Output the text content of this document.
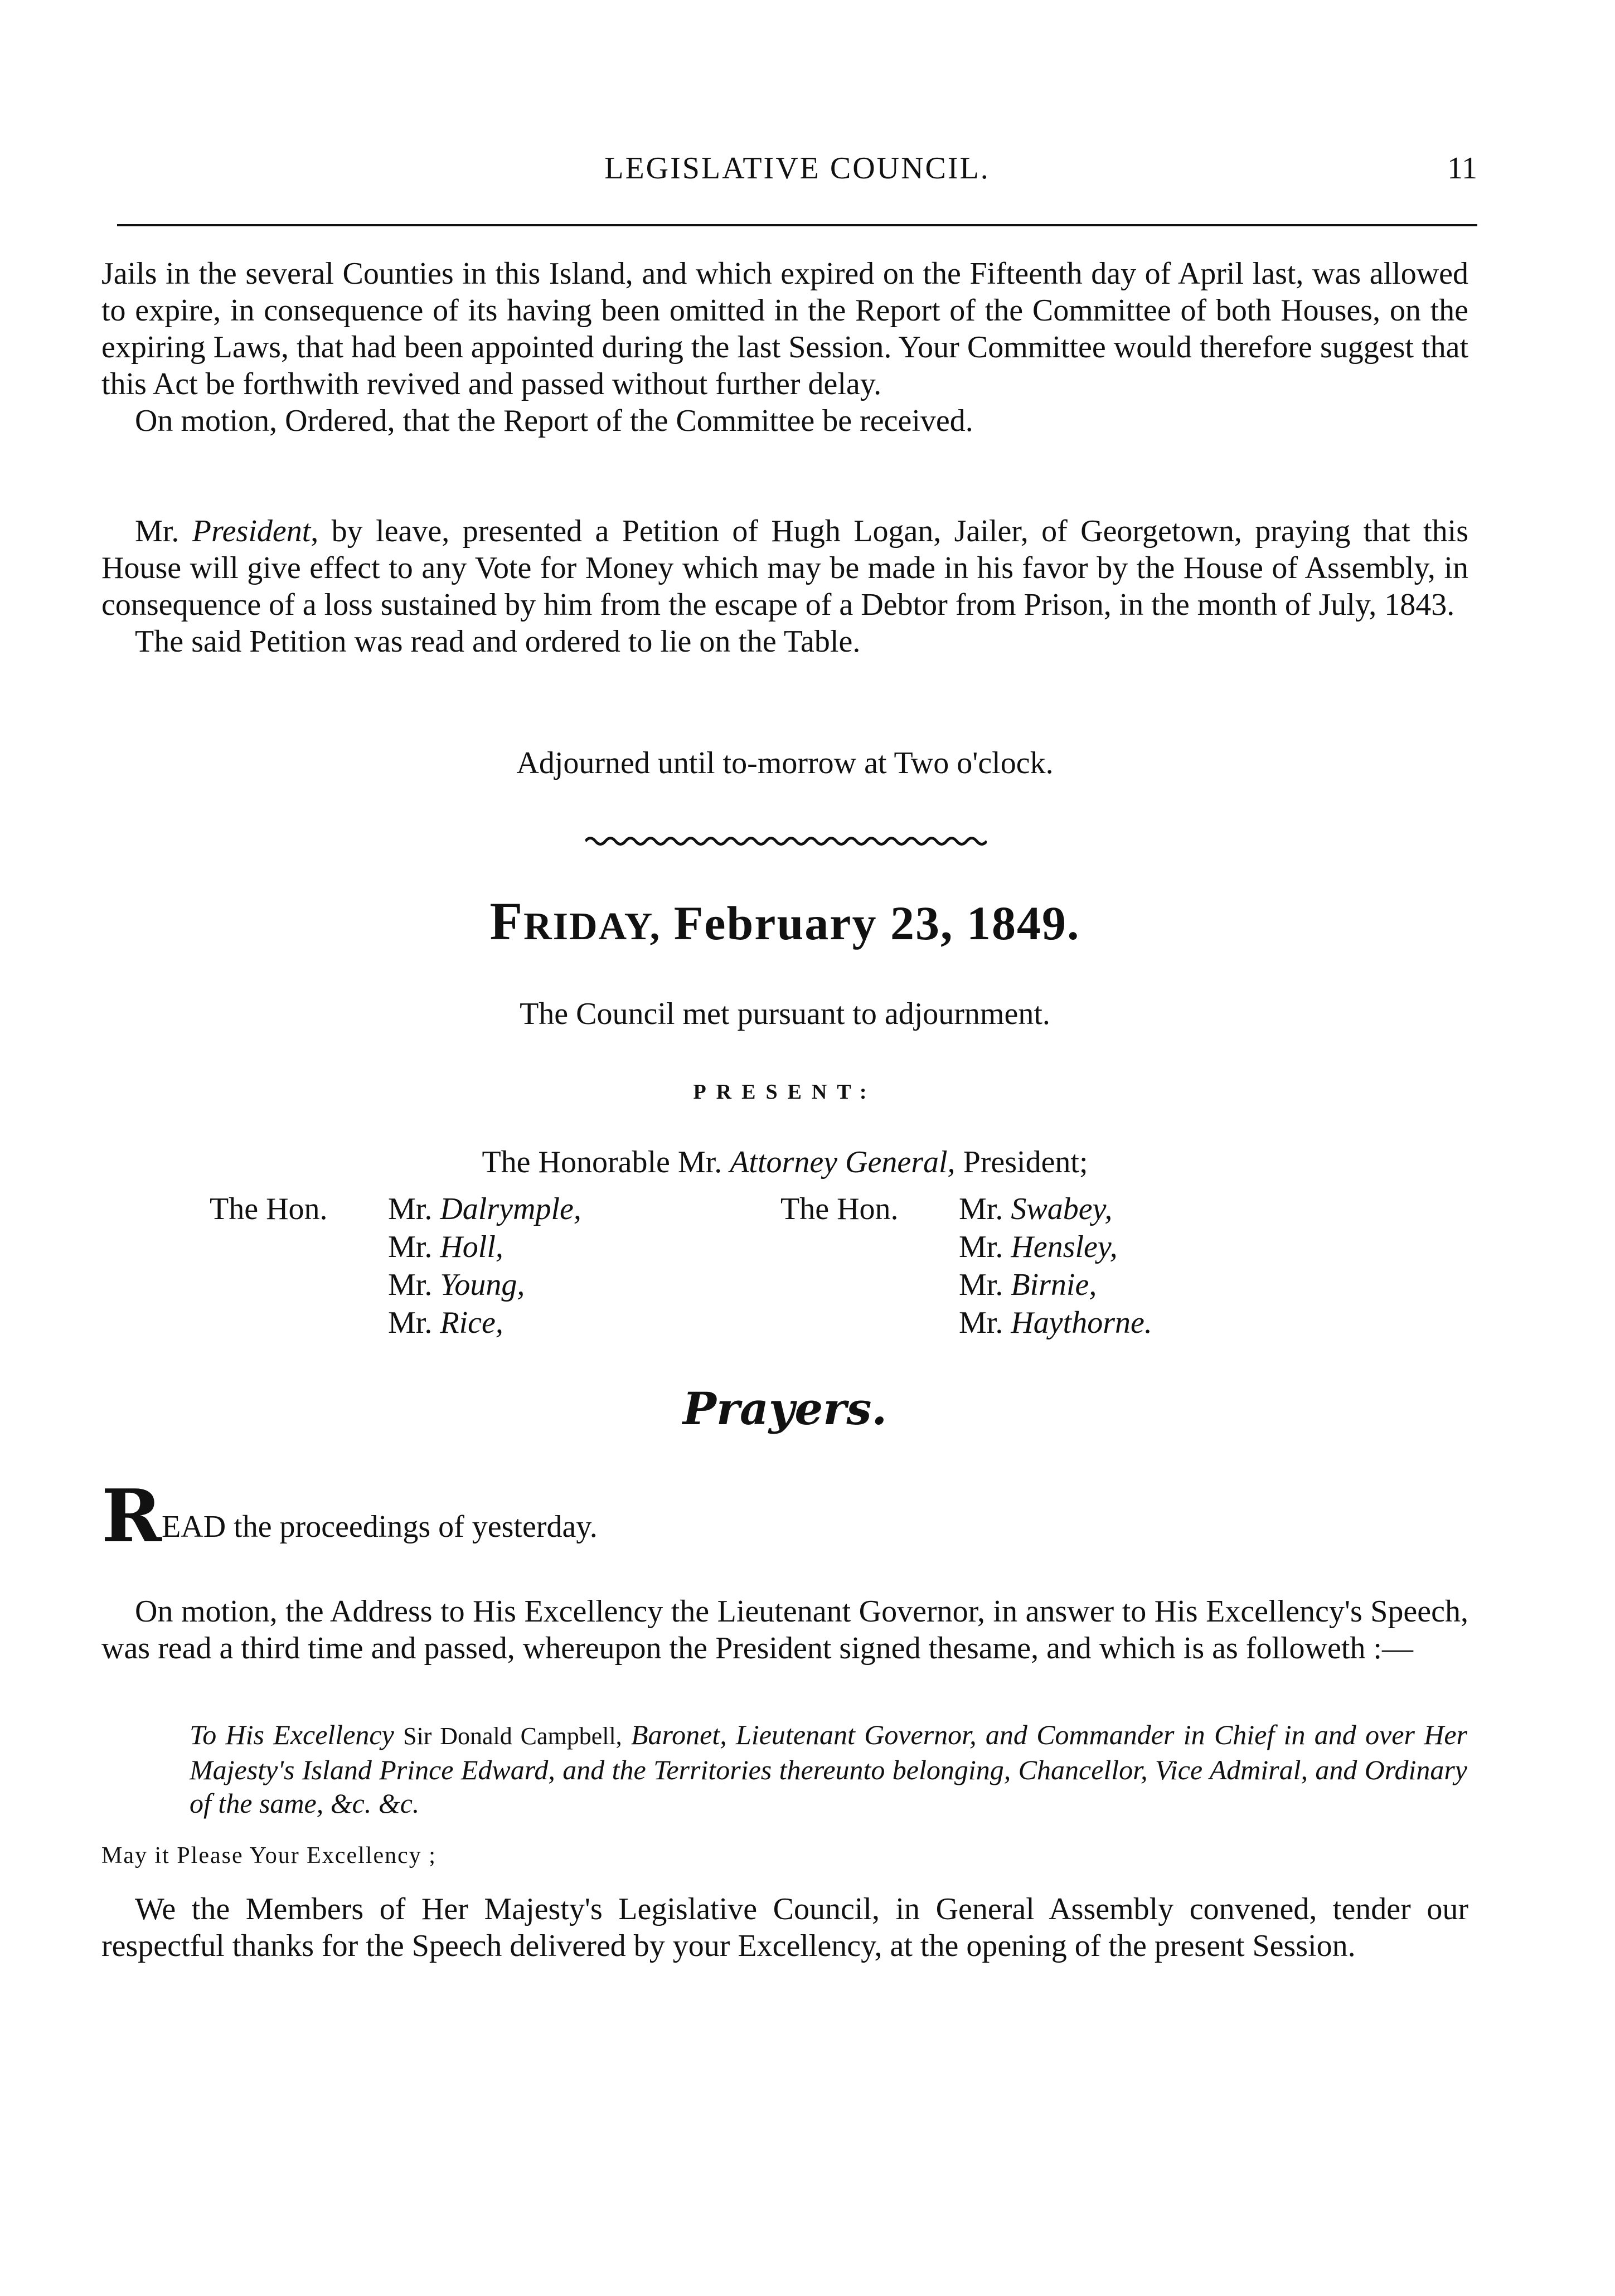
LEGISLATIVE COUNCIL.	11

Jails in the several Counties in this Island, and which expired on the Fifteenth day of April last, was allowed to expire, in consequence of its having been omitted in the Report of the Committee of both Houses, on the expiring Laws, that had been appointed during the last Session. Your Committee would therefore suggest that this Act be forthwith revived and passed without further delay.

On motion, Ordered, that the Report of the Committee be received.

Mr. President, by leave, presented a Petition of Hugh Logan, Jailer, of Georgetown, praying that this House will give effect to any Vote for Money which may be made in his favor by the House of Assembly, in consequence of a loss sustained by him from the escape of a Debtor from Prison, in the month of July, 1843.

The said Petition was read and ordered to lie on the Table.

Adjourned until to-morrow at Two o'clock.
FRIDAY, February 23, 1849.
The Council met pursuant to adjournment.
PRESENT:
The Honorable Mr. Attorney General, President;
The Hon. Mr. Dalrymple,
Mr. Holl,
Mr. Young,
Mr. Rice,
The Hon. Mr. Swabey,
Mr. Hensley,
Mr. Birnie,
Mr. Haythorne.
Prayers.

READ the proceedings of yesterday.

On motion, the Address to His Excellency the Lieutenant Governor, in answer to His Excellency's Speech, was read a third time and passed, whereupon the President signed thesame, and which is as followeth :—

To His Excellency Sir Donald Campbell, Baronet, Lieutenant Governor, and Commander in Chief in and over Her Majesty's Island Prince Edward, and the Territories thereunto belonging, Chancellor, Vice Admiral, and Ordinary of the same, &c. &c.
May it Please Your Excellency ;

We the Members of Her Majesty's Legislative Council, in General Assembly convened, tender our respectful thanks for the Speech delivered by your Excellency, at the opening of the present Session.
